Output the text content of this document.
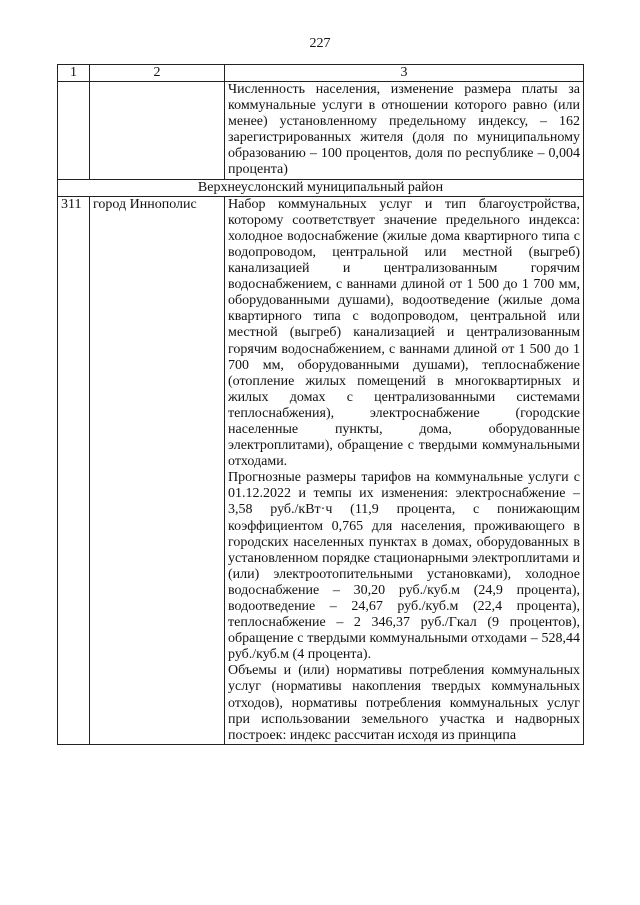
227
1	2	3

		Численность населения, изменение размера платы за коммунальные услуги в отношении которого равно (или менее) установленному предельному индексу, – 162 зарегистрированных жителя (доля по муниципальному образованию – 100 процентов, доля по республике – 0,004 процента)

Верхнеуслонский муниципальный район		
311	город Иннополис	Набор коммунальных услуг и тип благоустройства, которому соответствует значение предельного индекса: холодное водоснабжение (жилые дома квартирного типа с водопроводом, центральной или местной (выгреб) канализацией и централизованным горячим водоснабжением, с ваннами длиной от 1 500 до 1 700 мм, оборудованными душами), водоотведение (жилые дома квартирного типа с водопроводом, центральной или местной (выгреб) канализацией и централизованным горячим водоснабжением, с ваннами длиной от 1 500 до 1 700 мм, оборудованными душами), теплоснабжение (отопление жилых помещений в многоквартирных и жилых домах с централизованными системами теплоснабжения), электроснабжение (городские населенные пункты, дома, оборудованные электроплитами), обращение с твердыми коммунальными отходами.

Прогнозные размеры тарифов на коммунальные услуги с 01.12.2022 и темпы их изменения: электроснабжение – 3,58 руб./кВт·ч (11,9 процента, с понижающим коэффициентом 0,765 для населения, проживающего в городских населенных пунктах в домах, оборудованных в установленном порядке стационарными электроплитами и (или) электроотопительными установками), холодное водоснабжение – 30,20 руб./куб.м (24,9 процента), водоотведение – 24,67 руб./куб.м (22,4 процента), теплоснабжение – 2 346,37 руб./Гкал (9 процентов), обращение с твердыми коммунальными отходами – 528,44 руб./куб.м (4 процента).

Объемы и (или) нормативы потребления коммунальных услуг (нормативы накопления твердых коммунальных отходов), нормативы потребления коммунальных услуг при использовании земельного участка и надворных построек: индекс рассчитан исходя из принципа
